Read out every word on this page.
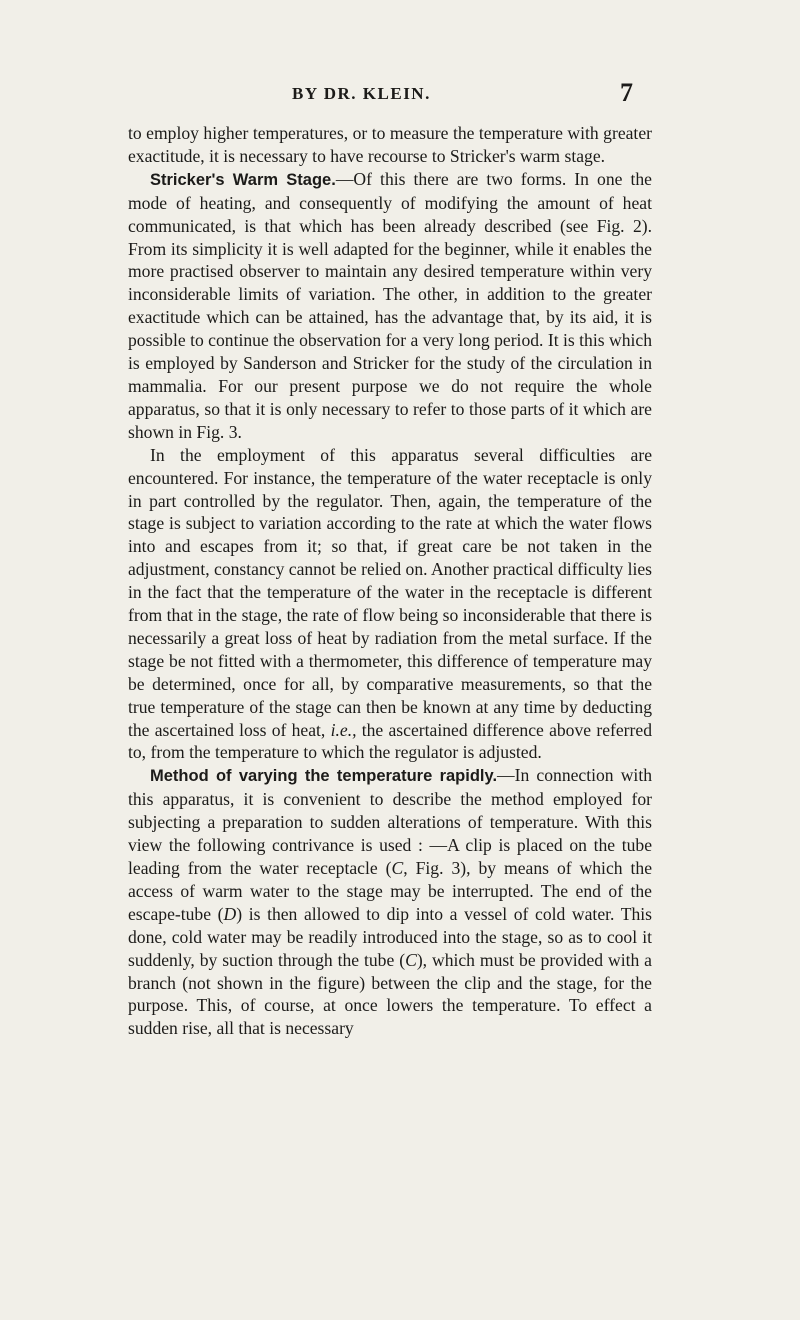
BY DR. KLEIN.	7

to employ higher temperatures, or to measure the temperature with greater exactitude, it is necessary to have recourse to Stricker's warm stage.

Stricker's Warm Stage.—Of this there are two forms. In one the mode of heating, and consequently of modifying the amount of heat communicated, is that which has been already described (see Fig. 2). From its simplicity it is well adapted for the beginner, while it enables the more practised observer to maintain any desired temperature within very inconsiderable limits of variation. The other, in addition to the greater exactitude which can be attained, has the advantage that, by its aid, it is possible to continue the observation for a very long period. It is this which is employed by Sanderson and Stricker for the study of the circulation in mammalia. For our present purpose we do not require the whole apparatus, so that it is only necessary to refer to those parts of it which are shown in Fig. 3.

In the employment of this apparatus several difficulties are encountered. For instance, the temperature of the water receptacle is only in part controlled by the regulator. Then, again, the temperature of the stage is subject to variation according to the rate at which the water flows into and escapes from it; so that, if great care be not taken in the adjustment, constancy cannot be relied on. Another practical difficulty lies in the fact that the temperature of the water in the receptacle is different from that in the stage, the rate of flow being so inconsiderable that there is necessarily a great loss of heat by radiation from the metal surface. If the stage be not fitted with a thermometer, this difference of temperature may be determined, once for all, by comparative measurements, so that the true temperature of the stage can then be known at any time by deducting the ascertained loss of heat, i.e., the ascertained difference above referred to, from the temperature to which the regulator is adjusted.

Method of varying the temperature rapidly.—In connection with this apparatus, it is convenient to describe the method employed for subjecting a preparation to sudden alterations of temperature. With this view the following contrivance is used : —A clip is placed on the tube leading from the water receptacle (C, Fig. 3), by means of which the access of warm water to the stage may be interrupted. The end of the escape-tube (D) is then allowed to dip into a vessel of cold water. This done, cold water may be readily introduced into the stage, so as to cool it suddenly, by suction through the tube (C), which must be provided with a branch (not shown in the figure) between the clip and the stage, for the purpose. This, of course, at once lowers the temperature. To effect a sudden rise, all that is necessary
